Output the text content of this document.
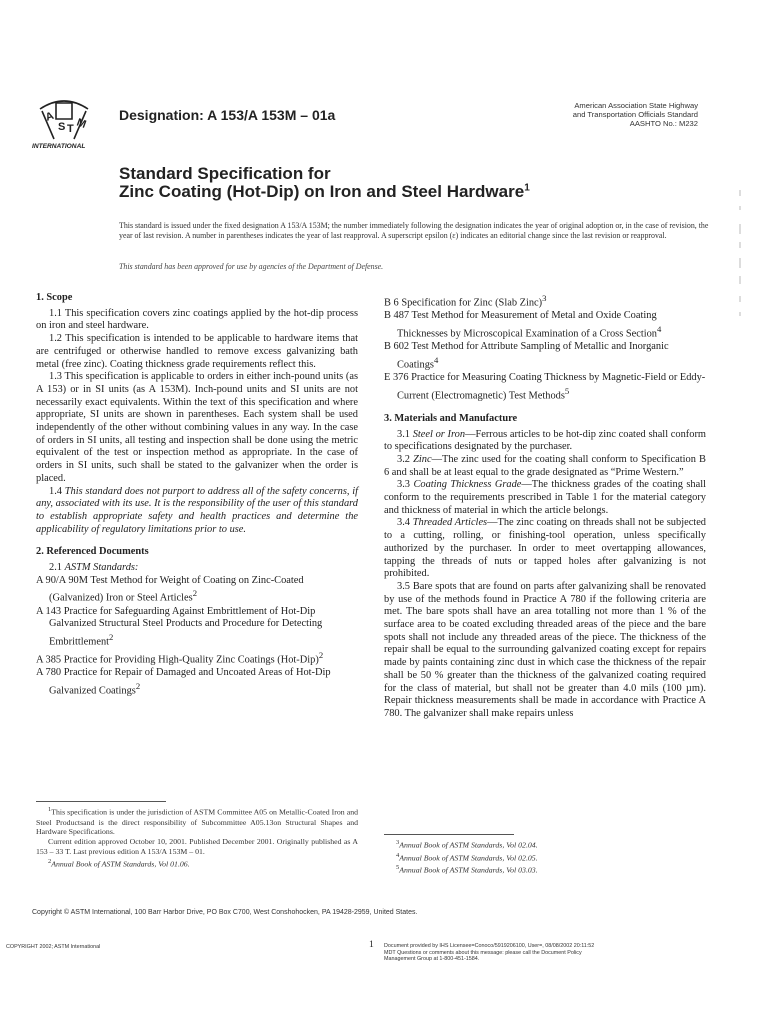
A
S T M
INTERNATIONAL
Designation: A 153/A 153M – 01a
American Association State Highway
and Transportation Officials Standard
AASHTO No.: M232
Standard Specification for
Zinc Coating (Hot-Dip) on Iron and Steel Hardware$^1$

This standard is issued under the fixed designation A 153/A 153M; the number immediately following the designation indicates the year of original adoption or, in the case of revision, the year of last revision. A number in parentheses indicates the year of last reapproval. A superscript epsilon (ε) indicates an editorial change since the last revision or reapproval.

This standard has been approved for use by agencies of the Department of Defense.
1. Scope

1.1 This specification covers zinc coatings applied by the hot-dip process on iron and steel hardware.

1.2 This specification is intended to be applicable to hardware items that are centrifuged or otherwise handled to remove excess galvanizing bath metal (free zinc). Coating thickness grade requirements reflect this.

1.3 This specification is applicable to orders in either inch-pound units (as A 153) or in SI units (as A 153M). Inch-pound units and SI units are not necessarily exact equivalents. Within the text of this specification and where appropriate, SI units are shown in parentheses. Each system shall be used independently of the other without combining values in any way. In the case of orders in SI units, all testing and inspection shall be done using the metric equivalent of the test or inspection method as appropriate. In the case of orders in SI units, such shall be stated to the galvanizer when the order is placed.

1.4 This standard does not purport to address all of the safety concerns, if any, associated with its use. It is the responsibility of the user of this standard to establish appropriate safety and health practices and determine the applicability of regulatory limitations prior to use.

2. Referenced Documents

2.1 ASTM Standards:

A 90/A 90M Test Method for Weight of Coating on Zinc-Coated (Galvanized) Iron or Steel Articles$^2$

A 143 Practice for Safeguarding Against Embrittlement of Hot-Dip Galvanized Structural Steel Products and Procedure for Detecting Embrittlement$^2$

A 385 Practice for Providing High-Quality Zinc Coatings $(Hot-Dip)^2$

A 780 Practice for Repair of Damaged and Uncoated Areas of Hot-Dip Galvanized Coatings$^2$

$^1$This specification is under the jurisdiction of ASTM Committee A05 on Metallic-Coated Iron and Steel Productsand is the direct responsibility of Subcommittee A05.13on Structural Shapes and Hardware Specifications.

Current edition approved October 10, 2001. Published December 2001. Originally published as A 153 – 33 T. Last previous edition A 153/A 153M – 01.

$^2$Annual Book of ASTM Standards, Vol 01.06.

B 6 Specification for Zinc (Slab Zinc)$^3$

B 487 Test Method for Measurement of Metal and Oxide Coating Thicknesses by Microscopical Examination of a Cross Section$^4$

B 602 Test Method for Attribute Sampling of Metallic and Inorganic Coatings$^4$

E 376 Practice for Measuring Coating Thickness by Magnetic-Field or Eddy-Current (Electromagnetic) Test Methods$^5$

3. Materials and Manufacture

3.1 Steel or Iron—Ferrous articles to be hot-dip zinc coated shall conform to specifications designated by the purchaser.

3.2 Zinc—The zinc used for the coating shall conform to Specification B 6 and shall be at least equal to the grade designated as “Prime Western.”

3.3 Coating Thickness Grade—The thickness grades of the coating shall conform to the requirements prescribed in Table 1 for the material category and thickness of material in which the article belongs.

3.4 Threaded Articles—The zinc coating on threads shall not be subjected to a cutting, rolling, or finishing-tool operation, unless specifically authorized by the purchaser. In order to meet overtapping allowances, tapping the threads of nuts or tapped holes after galvanizing is not prohibited.

3.5 Bare spots that are found on parts after galvanizing shall be renovated by use of the methods found in Practice A 780 if the following criteria are met. The bare spots shall have an area totalling not more than 1 % of the surface area to be coated excluding threaded areas of the piece and the bare spots shall not include any threaded areas of the piece. The thickness of the repair shall be equal to the surrounding galvanized coating except for repairs made by paints containing zinc dust in which case the thickness of the repair shall be 50 % greater than the thickness of the galvanized coating required for the class of material, but shall not be greater than 4.0 mils (100 µm). Repair thickness measurements shall be made in accordance with Practice A 780. The galvanizer shall make repairs unless

$^3$Annual Book of ASTM Standards, Vol 02.04.

$^4$Annual Book of ASTM Standards, Vol 02.05.

$^5$Annual Book of ASTM Standards, Vol 03.03.

Copyright © ASTM International, 100 Barr Harbor Drive, PO Box C700, West Conshohocken, PA 19428-2959, United States.
COPYRIGHT 2002; ASTM International	1 Document provided by IHS Licensee=Conoco/5919206100, User=, 08/08/2002 20:11:52
MDT Questions or comments about this message: please call the Document Policy
Management Group at 1-800-451-1584.
